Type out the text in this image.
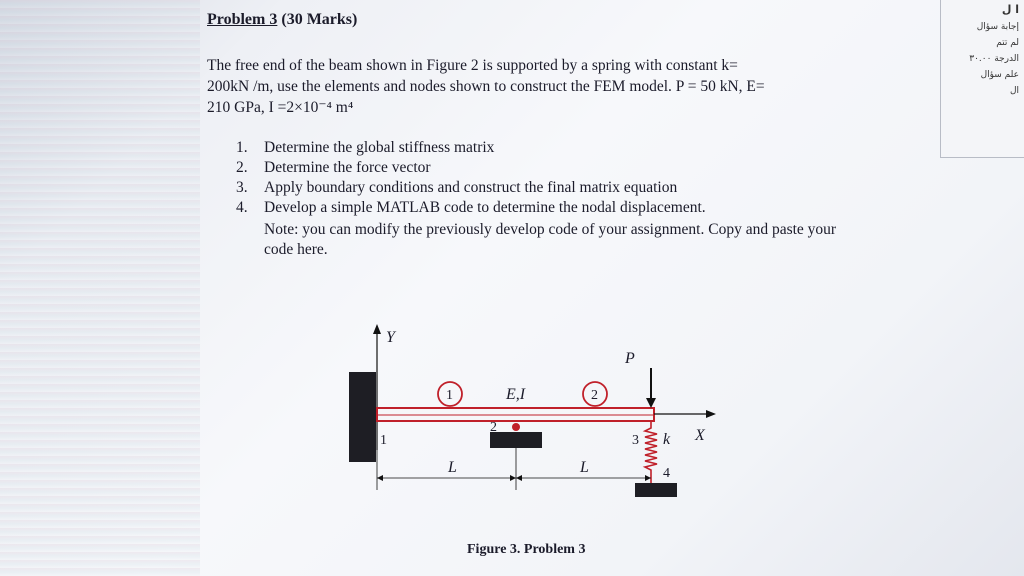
Problem 3 (30 Marks)
The free end of the beam shown in Figure 2 is supported by a spring with constant k=
200kN /m, use the elements and nodes shown to construct the FEM model. P = 50 kN, E=
210 GPa, I =2×10⁻⁴ m⁴
1.	Determine the global stiffness matrix
2.	Determine the force vector
3.	Apply boundary conditions and construct the final matrix equation
4.	Develop a simple MATLAB code to determine the nodal displacement.
Note: you can modify the previously develop code of your assignment. Copy and paste your code here.
Y
X
1	2
E,I
2
1
P
3 k
4
L	L
Figure 3. Problem 3
ا ل
إجابة سؤال
لم تتم
الدرجة ٣٠.٠٠
علم سؤال
ال
